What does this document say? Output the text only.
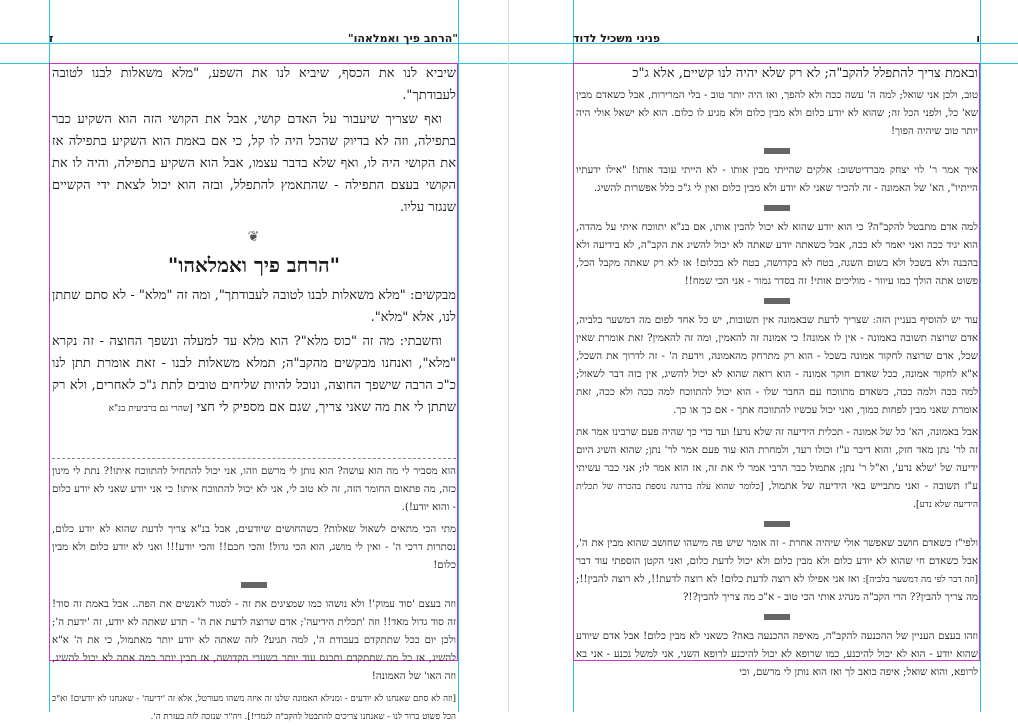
"הרחב פיך ואמלאהו"
ז

שיביא לנו את הכסף, שיביא לנו את השפע, "מלא משאלות לבנו לטובה לעבודתך".

ואף שצריך שיעבור על האדם קושי, אבל את הקושי הזה הוא השקיע כבר בתפילה, וזה לא בדיוק שהכל היה לו קל, כי אם באמת הוא השקיע בתפילה אז את הקושי היה לו, ואף שלא בדבר עצמו, אבל הוא השקיע בתפילה, והיה לו את הקושי בעצם התפילה - שהתאמץ להתפלל, ובזה הוא יכול לצאת ידי הקשיים שנגזר עליו.

❦
"הרחב פיך ואמלאהו"

מבקשים: "מלא משאלות לבנו לטובה לעבודתך", ומה זה "מלא" - לא סתם שתתן לנו, אלא "מלא".

וחשבתי: מה זה "כוס מלא"? הוא מלא עד למעלה ונשפך החוצה - זה נקרא "מלא", ואנחנו מבקשים מהקב"ה; תמלא משאלות לבנו - זאת אומרת תתן לנו כ"כ הרבה שישפך החוצה, ונוכל להיות שליחים טובים לתת ג"כ לאחרים, ולא רק שתתן לי את מה שאני צריך, שגם אם מספיק לי חצי [שהרי גם ברביעית בנ"א

הוא מסביר לי מה הוא עושה? הוא נותן לי מרשם וזהו, אני יכול להתחיל להתווכח איתו!? נתת לי מינון כזה, מה פתאום החומר הזה, זה לא טוב לי, אני לא יכול להתווכח איתו! כי אני יודע שאני לא יודע כלום - והוא יודע!).

מתי הכי מתאים לשאול שאלות? כשהחושים שיודעים, אבל בנ"א צריך לדעת שהוא לא יודע כלום, נסתרות דרכי ה' - ואין לי מושג, הוא הכי גדול! והכי חכם!! והכי יודע!!! ואני לא יודע כלום ולא מבין כלום!

וזה בעצם 'סוד עמוק'! ולא נושהו כמו שמציגים את זה - לסגור לאנשים את הפה.. אבל באמת זה סוד! זה סוד גדול מאד!! וזה 'תכלית הידיעה'; אדם שרוצה לדעת את ה' - תדע שאתה לא יודע, זה 'ידעת ה'; ולכן יום ככל שתתקדם בעבודת ה', למה תגיע? לזה שאתה לא יודע יותר מאתמול, כי את ה' א"א להשיג, אז כל מה שתתקדם ותכנס עוד יותר בשערי הקדושה, אז תבין יותר כמה אתה לא יכול להשיג, וזה האו' של האמונה!

[וזה לא סתם שאנחנו לא יודעים - ומנילא האמונה שלנו זה איזה משהו מעורטל, אלא זה 'ידיעה' - שאנחנו לא יודעים! וא"כ הכל פשוט ברור לנו - שאנחנו צריכים להתבטל להקב"ה לגמרי!]. ויה"ר שנזכה לזה בעזרת ה'.

ו
פניני משכיל לדוד

ובאמת צריך להתפלל להקב"ה; לא רק שלא יהיה לנו קשיים, אלא ג"כ

טוב, ולכן אני שואל; למה ה' עשה ככה ולא להפך, ואז היה יותר טוב - בלי המרירות, אבל כשאדם מבין שא' כל, ולפני הכל זה; שהוא לא יודע כלום ולא מבין כלום ולא מגיע לו כלום. הוא לא ישאל אולי היה יותר טוב שיהיה הפוך!

איך אמר ר' לוי יצחק מברדיטשוב: אלקים שהייתי מבין אותו - לא הייתי עובד אותו! "אילו ידעתיו הייתיו", הא' של האמונה - זה להכיר שאני לא יודע ולא מבין כלום ואין לי ג"כ כלל אפשרות להשיג.

למה אדם מתבטל להקב"ה? כי הוא יודע שהוא לא יכול להבין אותו, אם בנ"א יתווכח איתי על מהדה, הוא יגיד ככה ואני יאמר לא ככה, אבל כשאתה יודע שאתה לא יכול להשיג את הקב"ה, לא בידיעה ולא בהבנה ולא בשכל ולא בשום השגה, בטח לא בקדושה, בטח לא בכלום! אז לא רק שאתה מקבל הכל, פשוט אתה הולך כמו עיוור - מוליכים אותי! זה בסדר גמור - אני הכי שמח!!

עוד יש להוסיף בעניין הזה: שצריך לדעת שבאמונה אין תשובות, יש כל אחד לפום מה דמשער בלביה, אדם שרוצה תשובה באמונה - אין לו אמונה! כי אמונה זה להאמין, ומה זה להאמין? זאת אומרת שאין שכל, אדם שרוצה לחקור אמונה בשכל - הוא רק מתרחק מהאמונה, וידעת ה' - זה לדרוך את השכל, א"א לחקור אמונה, ככל שאדם חוקר אמונה - הוא רואה שהוא לא יכול להשיג, אין כזה דבר לשאול; למה ככה ולמה ככה, כשאדם מתווכח עם החבר שלו - הוא יכול להתווכח למה ככה ולא ככה, זאת אומרת שאני מבין לפחות כמוך, ואני יכול עכשיו להתווכח אתך - אם כך או כך.

אבל באמונה, הא' כל של אמונה - תכלית הידיעה זה שלא נדע! ועד כדי כך שהיה פעם שרבינו אמר את זה לר' נתן מאד חזק, והוא דיבר ע"ז וכולו רעד, ולמחרת הוא עוד פעם אמר לר' נתן; שהוא השיג היום ידיעה של 'שלא נדע', וא"ל ר' נתן; אתמול כבר הרבי אמר לי את זה, אז הוא אמר לו; אני כבר עשיתי ע"ז תשובה - ואני מתבייש באי הידיעה של אתמול, [כלומר שהוא עלה בדרגה נוספת בהכרה של תכלית הידיעה שלא נדע].

ולפי"ז כשאדם חושב שאפשר אולי שיהיה אחרת - זה אומר שיש פה מישהו שחושב שהוא מבין את ה', אבל כשאדם חי שהוא לא יודע כלום ולא מבין כלום ולא יכול לדעת כלום, ואני הקטן הוספתי עוד דבר [וזה דבר לפי מה דמשער בלביה]: ואז אני אפילו לא רוצה לדעת כלום! לא רוצה לדעת!!, לא רוצה להבין!!; מה צריך להבין?? הרי הקב"ה מנהיג אותי הכי טוב - א"כ מה צריך להבין?!?

וזהו בעצם העניין של ההכנעה להקב"ה, מאיפה ההכנעה באה? כשאני לא מבין כלום! אבל אדם שיודע שהוא יודע - הוא לא יכול להיכנע, כמו שרופא לא יכול להיכנע לרופא השני, אני למשל נכנע - אני בא לרופא, והוא שואל; איפה כואב לך ואז הוא נותן לי מרשם, וכי
